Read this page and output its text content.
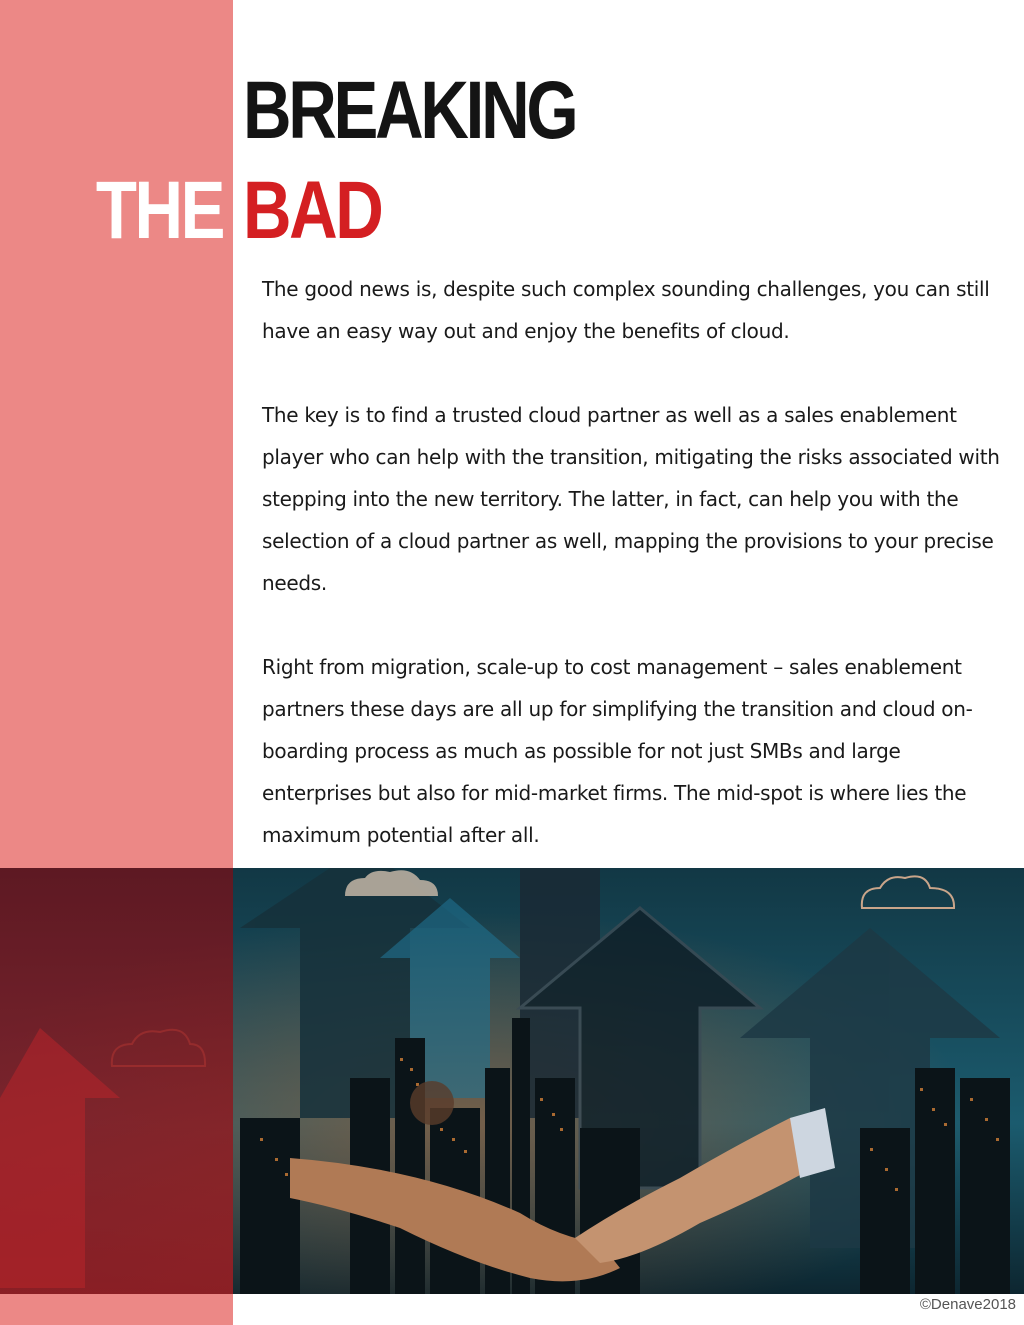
BREAKING
THE BAD

The good news is, despite such complex sounding challenges, you can still have an easy way out and enjoy the benefits of cloud.

The key is to find a trusted cloud partner as well as a sales enablement player who can help with the transition, mitigating the risks associated with stepping into the new territory. The latter, in fact, can help you with the selection of a cloud partner as well, mapping the provisions to your precise needs.

Right from migration, scale-up to cost management – sales enablement partners these days are all up for simplifying the transition and cloud on-boarding process as much as possible for not just SMBs and large enterprises but also for mid-market firms. The mid-spot is where lies the maximum potential after all.

©Denave2018
